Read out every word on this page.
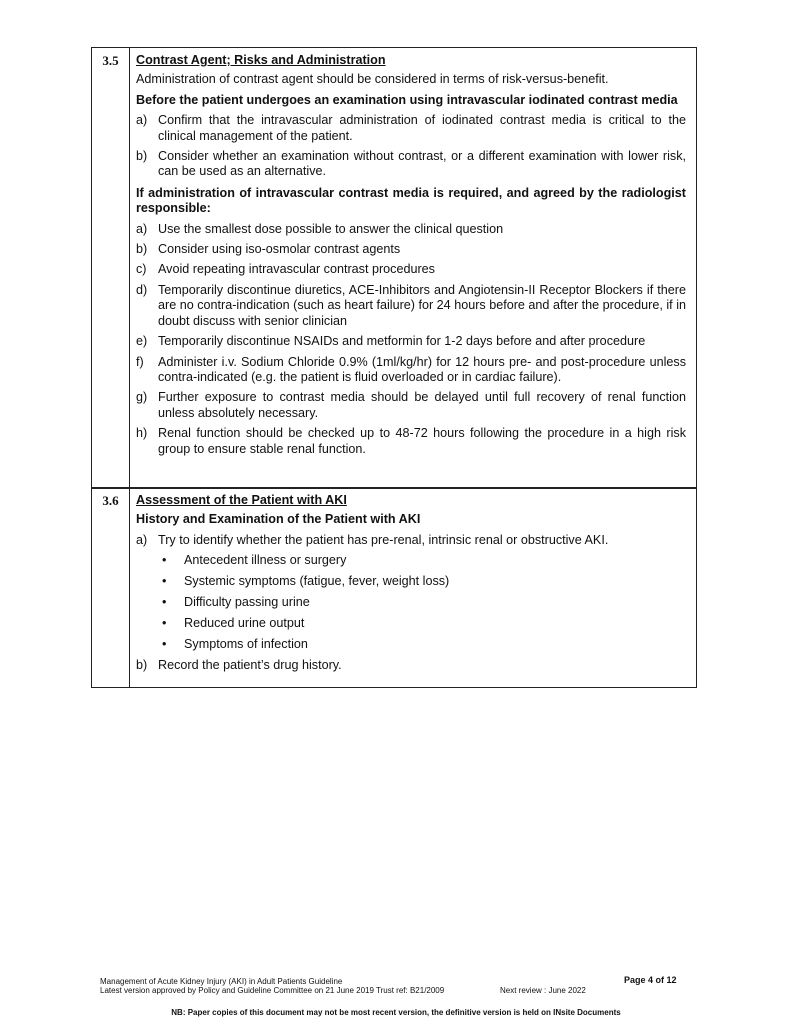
3.5	Contrast Agent; Risks and Administration
Administration of contrast agent should be considered in terms of risk-versus-benefit.
Before the patient undergoes an examination using intravascular iodinated contrast media
a) Confirm that the intravascular administration of iodinated contrast media is critical to the clinical management of the patient.
b) Consider whether an examination without contrast, or a different examination with lower risk, can be used as an alternative.
If administration of intravascular contrast media is required, and agreed by the radiologist responsible:
a) Use the smallest dose possible to answer the clinical question
b) Consider using iso-osmolar contrast agents
c) Avoid repeating intravascular contrast procedures
d) Temporarily discontinue diuretics, ACE-Inhibitors and Angiotensin-II Receptor Blockers if there are no contra-indication (such as heart failure) for 24 hours before and after the procedure, if in doubt discuss with senior clinician
e) Temporarily discontinue NSAIDs and metformin for 1-2 days before and after procedure
f)	Administer i.v. Sodium Chloride 0.9% (1ml/kg/hr) for 12 hours pre- and post-procedure unless contra-indicated (e.g. the patient is fluid overloaded or in cardiac failure).
g) Further exposure to contrast media should be delayed until full recovery of renal function unless absolutely necessary.
h) Renal function should be checked up to 48-72 hours following the procedure in a high risk group to ensure stable renal function.
3.6	Assessment of the Patient with AKI
History and Examination of the Patient with AKI
a) Try to identify whether the patient has pre-renal, intrinsic renal or obstructive AKI.
•	Antecedent illness or surgery
•	Systemic symptoms (fatigue, fever, weight loss)
•	Difficulty passing urine
•	Reduced urine output
•	Symptoms of infection
b) Record the patient’s drug history.
Management of Acute Kidney Injury (AKI) in Adult Patients Guideline
Latest version approved by Policy and Guideline Committee on 21 June 2019 Trust ref: B21/2009	Next review : June 2022
Page 4 of 12
NB: Paper copies of this document may not be most recent version, the definitive version is held on INsite Documents
